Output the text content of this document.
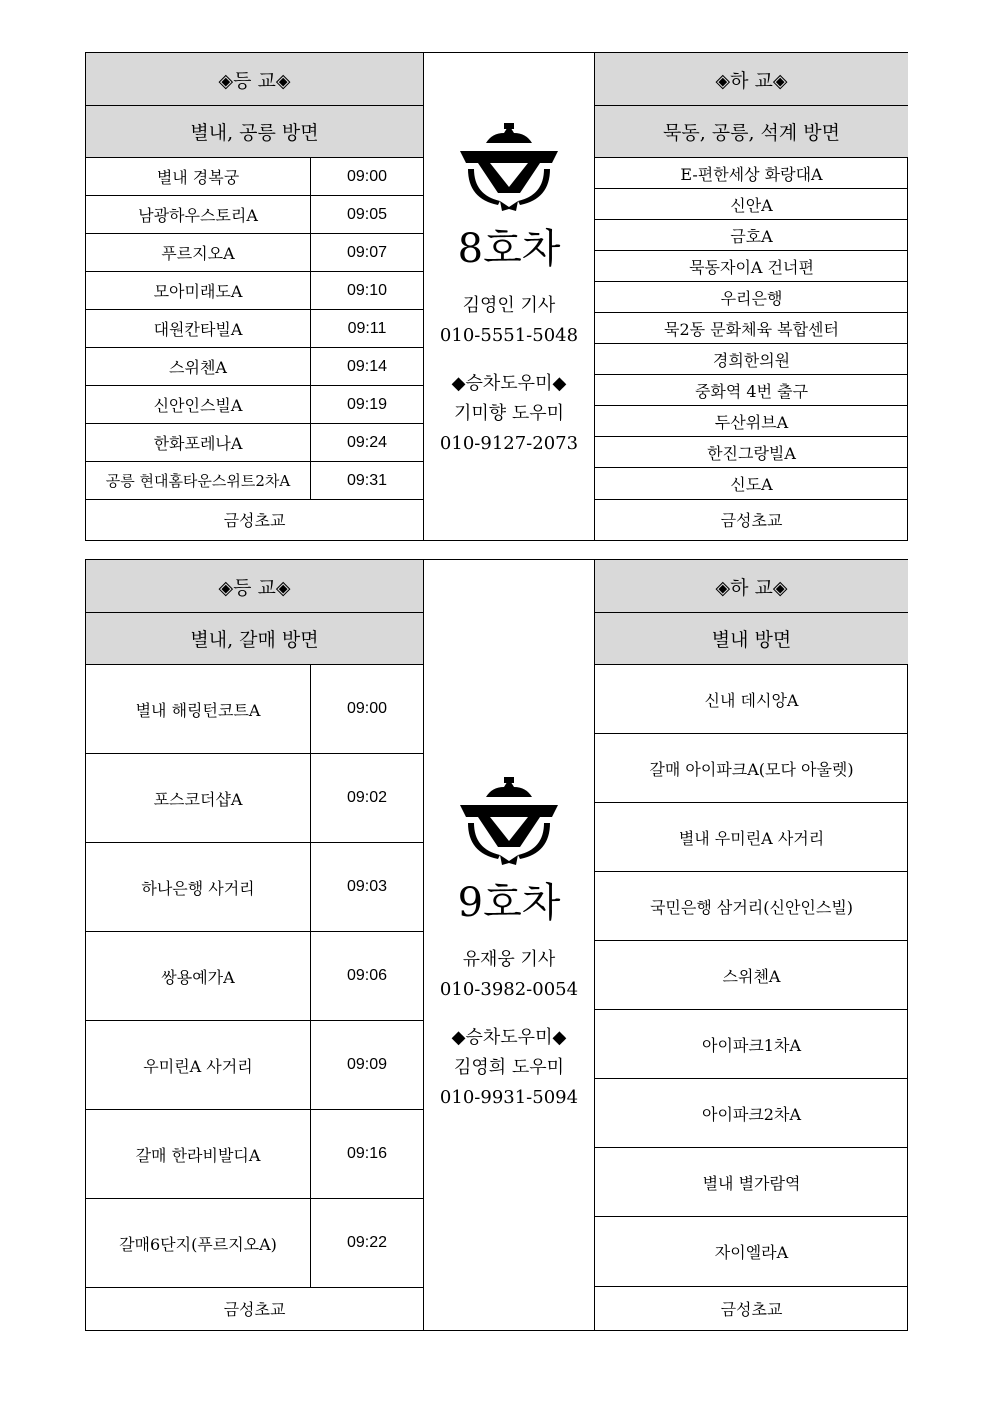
◈등 교◈
별내, 공릉 방면
별내 경복궁	09:00
남광하우스토리A	09:05
푸르지오A	09:07
모아미래도A	09:10
대원칸타빌A	09:11
스위첸A	09:14
신안인스빌A	09:19
한화포레나A	09:24
공릉 현대홈타운스위트2차A	09:31
금성초교
8호차
김영인 기사
010-5551-5048
◆승차도우미◆
기미향 도우미
010-9127-2073
◈하 교◈
묵동, 공릉, 석계 방면
E-편한세상 화랑대A
신안A
금호A
묵동자이A 건너편
우리은행
묵2동 문화체육 복합센터
경희한의원
중화역 4번 출구
두산위브A
한진그랑빌A
신도A
금성초교
◈등 교◈
별내, 갈매 방면
별내 해링턴코트A	09:00
포스코더샵A	09:02
하나은행 사거리	09:03
쌍용예가A	09:06
우미린A 사거리	09:09
갈매 한라비발디A	09:16
갈매6단지(푸르지오A)	09:22
금성초교
9호차
유재웅 기사
010-3982-0054
◆승차도우미◆
김영희 도우미
010-9931-5094
◈하 교◈
별내 방면
신내 데시앙A
갈매 아이파크A(모다 아울렛)
별내 우미린A 사거리
국민은행 삼거리(신안인스빌)
스위첸A
아이파크1차A
아이파크2차A
별내 별가람역
자이엘라A
금성초교
